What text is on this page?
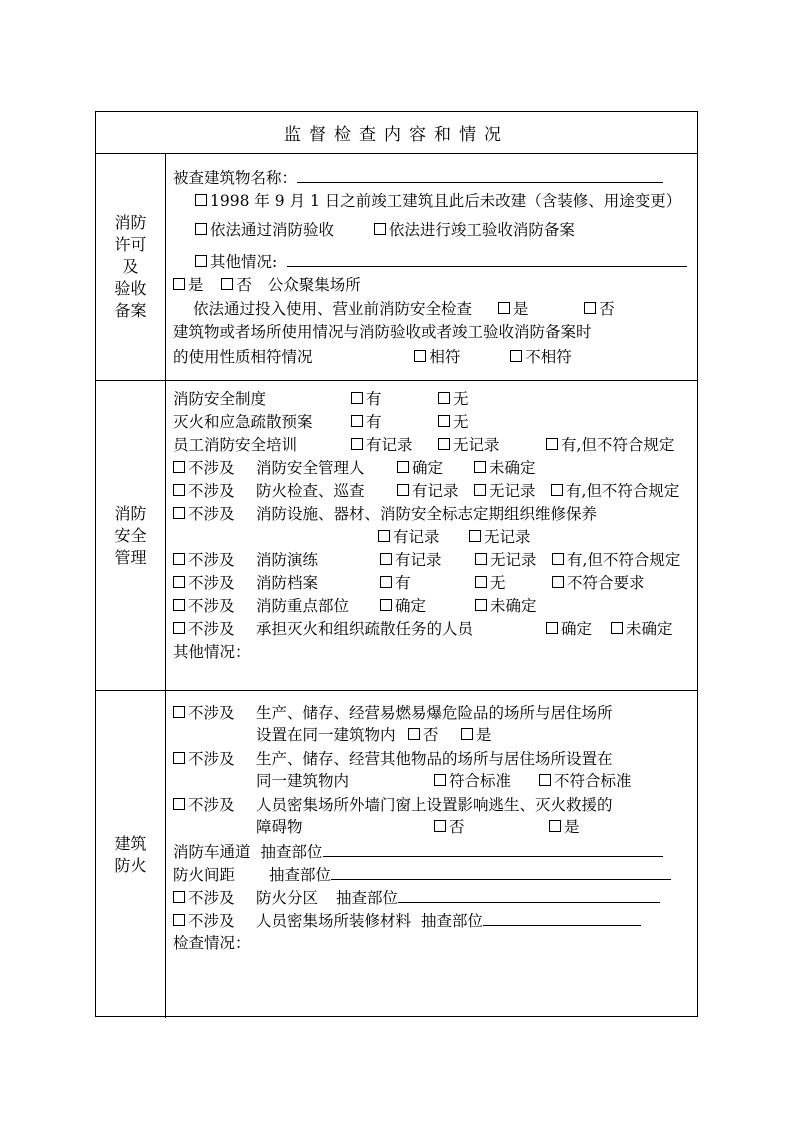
监督检查内容和情况
消防
许可
及
验收
备案
被查建筑物名称：
1998 年 9 月 1 日之前竣工建筑且此后未改建（含装修、用途变更）
依法通过消防验收	依法进行竣工验收消防备案
其他情况:
是 否 公众聚集场所
依法通过投入使用、营业前消防安全检查	是	否
建筑物或者场所使用情况与消防验收或者竣工验收消防备案时
的使用性质相符情况	相符	不相符
消防
安全
管理
消防安全制度	有	无
灭火和应急疏散预案	有	无
员工消防安全培训	有记录	无记录	有,但不符合规定
不涉及 消防安全管理人	确定	未确定
不涉及 防火检查、巡查	有记录 无记录 有,但不符合规定
不涉及 消防设施、器材、消防安全标志定期组织维修保养
有记录	无记录
不涉及 消防演练	有记录	无记录 有,但不符合规定
不涉及 消防档案	有	无	不符合要求
不涉及 消防重点部位	确定	未确定
不涉及 承担灭火和组织疏散任务的人员	确定 未确定
其他情况：
建筑
防火
不涉及 生产、储存、经营易燃易爆危险品的场所与居住场所
设置在同一建筑物内 否 是
不涉及 生产、储存、经营其他物品的场所与居住场所设置在
同一建筑物内	符合标准	不符合标准
不涉及 人员密集场所外墙门窗上设置影响逃生、灭火救援的
障碍物	否	是
消防车通道 抽查部位
防火间距 抽查部位
不涉及 防火分区 抽查部位
不涉及 人员密集场所装修材料 抽查部位
检查情况：
